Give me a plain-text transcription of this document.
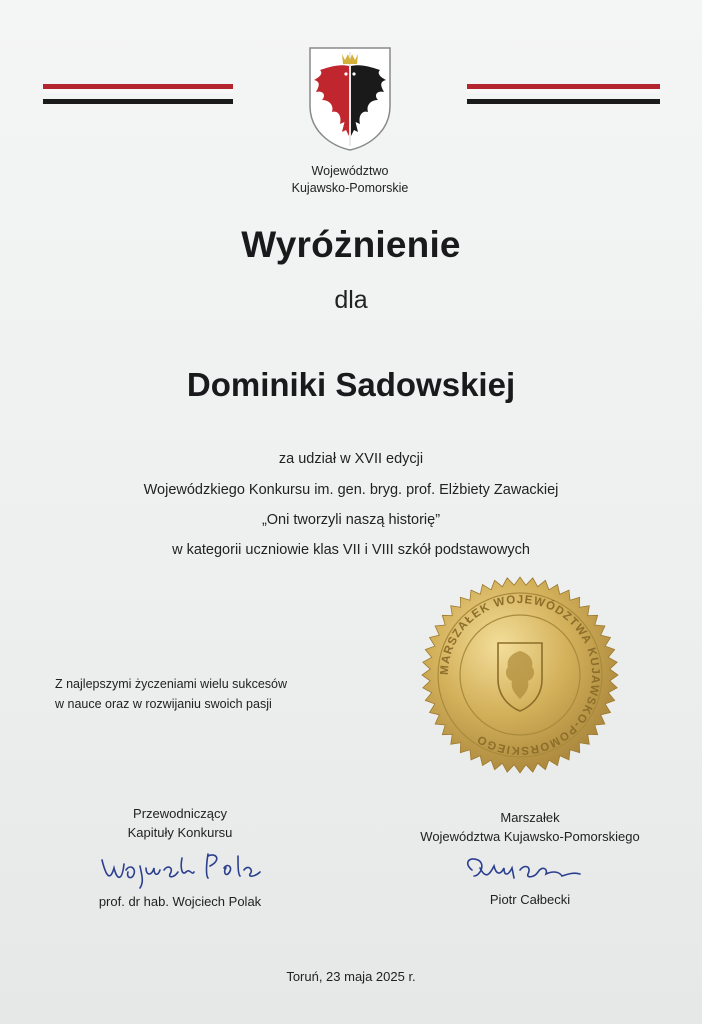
Województwo
Kujawsko-Pomorskie
Wyróżnienie
dla
Dominiki Sadowskiej
za udział w XVII edycji
Wojewódzkiego Konkursu im. gen. bryg. prof. Elżbiety Zawackiej
„Oni tworzyli naszą historię”
w kategorii uczniowie klas VII i VIII szkół podstawowych
Z najlepszymi życzeniami wielu sukcesów
w nauce oraz w rozwijaniu swoich pasji
MARSZAŁEK WOJEWÓDZTWA KUJAWSKO-POMORSKIEGO
Przewodniczący
Kapituły Konkursu
prof. dr hab. Wojciech Polak
Marszałek
Województwa Kujawsko-Pomorskiego
Piotr Całbecki
Toruń, 23 maja 2025 r.
